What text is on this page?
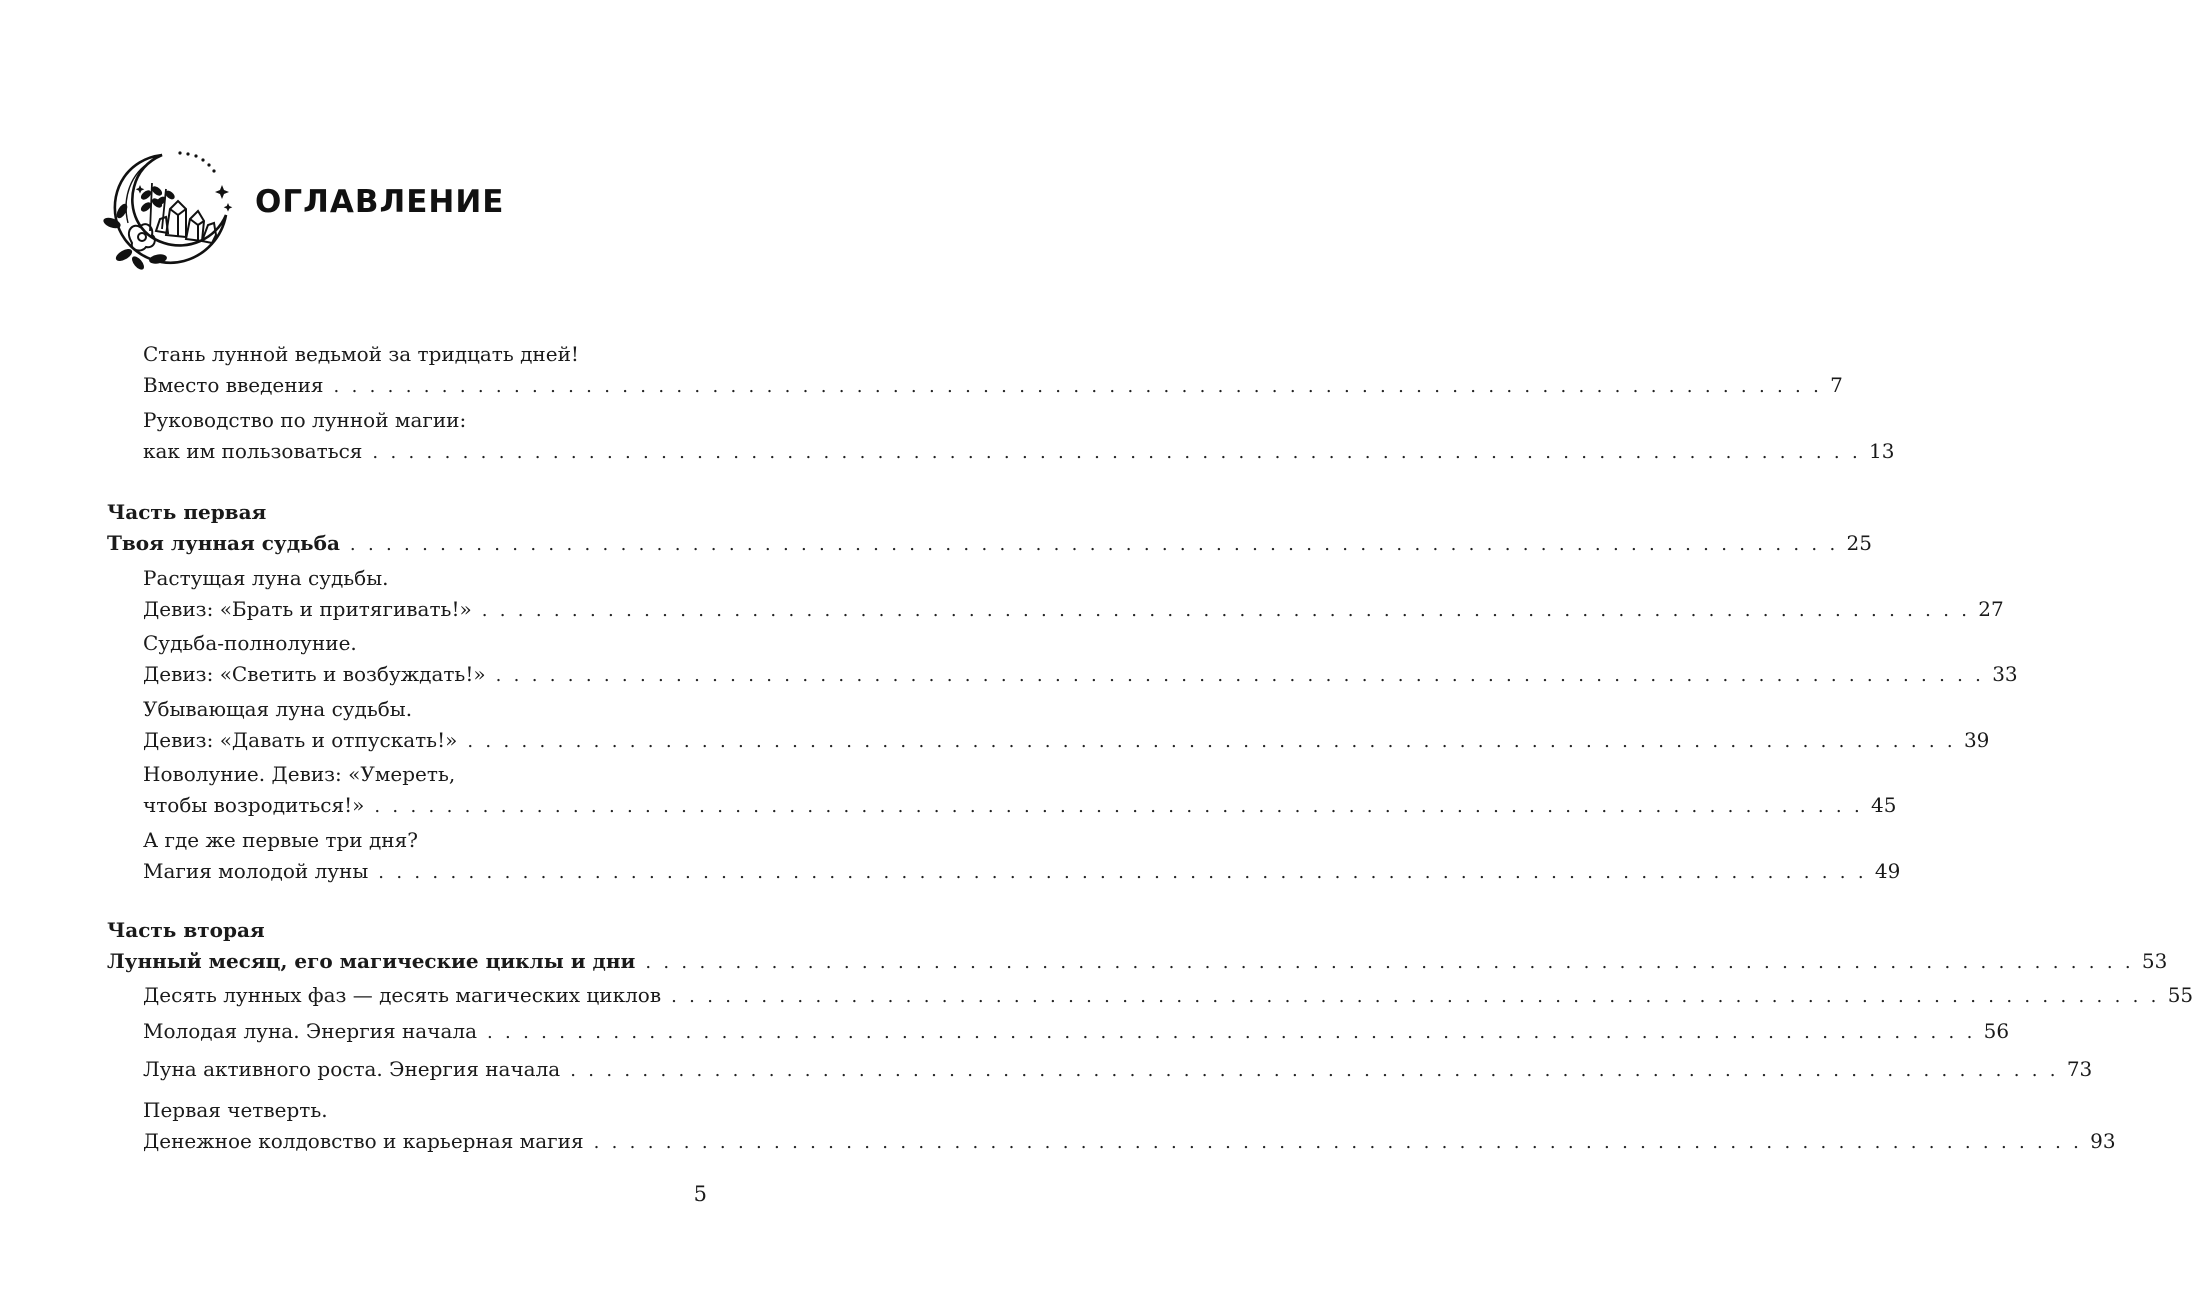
ОГЛАВЛЕНИЕ
Стань лунной ведьмой за тридцать дней!
Вместо введения . . . . . . . . . . . . . . . . . . . . . . . . . . . . . . . . . . . . . . . . . . . . . . . . . . . . . . . . . . . . . . . . . . . . . . . . . . . . . . . . . . . 7
Руководство по лунной магии:
как им пользоваться . . . . . . . . . . . . . . . . . . . . . . . . . . . . . . . . . . . . . . . . . . . . . . . . . . . . . . . . . . . . . . . . . . . . . . . . . . . . . . . . . . . 13
Часть первая
Твоя лунная судьба . . . . . . . . . . . . . . . . . . . . . . . . . . . . . . . . . . . . . . . . . . . . . . . . . . . . . . . . . . . . . . . . . . . . . . . . . . . . . . . . . . . 25
Растущая луна судьбы.
Девиз: «Брать и притягивать!» . . . . . . . . . . . . . . . . . . . . . . . . . . . . . . . . . . . . . . . . . . . . . . . . . . . . . . . . . . . . . . . . . . . . . . . . . . . . . . . . . . . 27
Судьба-полнолуние.
Девиз: «Светить и возбуждать!» . . . . . . . . . . . . . . . . . . . . . . . . . . . . . . . . . . . . . . . . . . . . . . . . . . . . . . . . . . . . . . . . . . . . . . . . . . . . . . . . . . . 33
Убывающая луна судьбы.
Девиз: «Давать и отпускать!» . . . . . . . . . . . . . . . . . . . . . . . . . . . . . . . . . . . . . . . . . . . . . . . . . . . . . . . . . . . . . . . . . . . . . . . . . . . . . . . . . . . 39
Новолуние. Девиз: «Умереть,
чтобы возродиться!» . . . . . . . . . . . . . . . . . . . . . . . . . . . . . . . . . . . . . . . . . . . . . . . . . . . . . . . . . . . . . . . . . . . . . . . . . . . . . . . . . . . 45
А где же первые три дня?
Магия молодой луны . . . . . . . . . . . . . . . . . . . . . . . . . . . . . . . . . . . . . . . . . . . . . . . . . . . . . . . . . . . . . . . . . . . . . . . . . . . . . . . . . . . 49
Часть вторая
Лунный месяц, его магические циклы и дни . . . . . . . . . . . . . . . . . . . . . . . . . . . . . . . . . . . . . . . . . . . . . . . . . . . . . . . . . . . . . . . . . . . . . . . . . . . . . . . . . . . 53
Десять лунных фаз — десять магических циклов . . . . . . . . . . . . . . . . . . . . . . . . . . . . . . . . . . . . . . . . . . . . . . . . . . . . . . . . . . . . . . . . . . . . . . . . . . . . . . . . . . . 55
Молодая луна. Энергия начала . . . . . . . . . . . . . . . . . . . . . . . . . . . . . . . . . . . . . . . . . . . . . . . . . . . . . . . . . . . . . . . . . . . . . . . . . . . . . . . . . . . 56
Луна активного роста. Энергия начала . . . . . . . . . . . . . . . . . . . . . . . . . . . . . . . . . . . . . . . . . . . . . . . . . . . . . . . . . . . . . . . . . . . . . . . . . . . . . . . . . . . 73
Первая четверть.
Денежное колдовство и карьерная магия . . . . . . . . . . . . . . . . . . . . . . . . . . . . . . . . . . . . . . . . . . . . . . . . . . . . . . . . . . . . . . . . . . . . . . . . . . . . . . . . . . . 93
5
